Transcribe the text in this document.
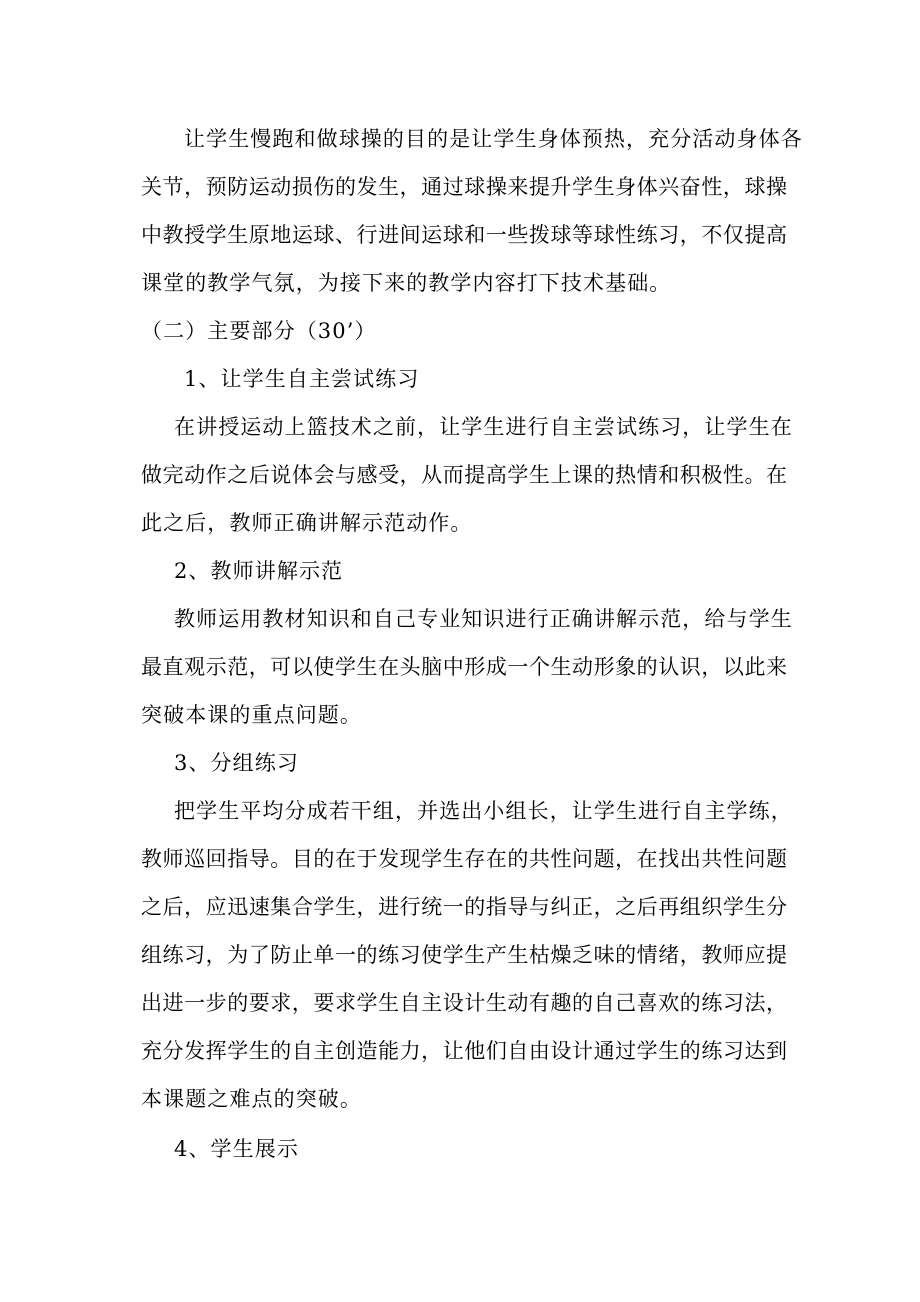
让学生慢跑和做球操的目的是让学生身体预热，充分活动身体各
关节，预防运动损伤的发生，通过球操来提升学生身体兴奋性，球操
中教授学生原地运球、行进间运球和一些拨球等球性练习，不仅提高
课堂的教学气氛，为接下来的教学内容打下技术基础。
（二）主要部分（30’）
1、让学生自主尝试练习
在讲授运动上篮技术之前，让学生进行自主尝试练习，让学生在
做完动作之后说体会与感受，从而提高学生上课的热情和积极性。在
此之后，教师正确讲解示范动作。
2、教师讲解示范
教师运用教材知识和自己专业知识进行正确讲解示范，给与学生
最直观示范，可以使学生在头脑中形成一个生动形象的认识，以此来
突破本课的重点问题。
3、分组练习
把学生平均分成若干组，并选出小组长，让学生进行自主学练，
教师巡回指导。目的在于发现学生存在的共性问题，在找出共性问题
之后，应迅速集合学生，进行统一的指导与纠正，之后再组织学生分
组练习，为了防止单一的练习使学生产生枯燥乏味的情绪，教师应提
出进一步的要求，要求学生自主设计生动有趣的自己喜欢的练习法，
充分发挥学生的自主创造能力，让他们自由设计通过学生的练习达到
本课题之难点的突破。
4、学生展示
